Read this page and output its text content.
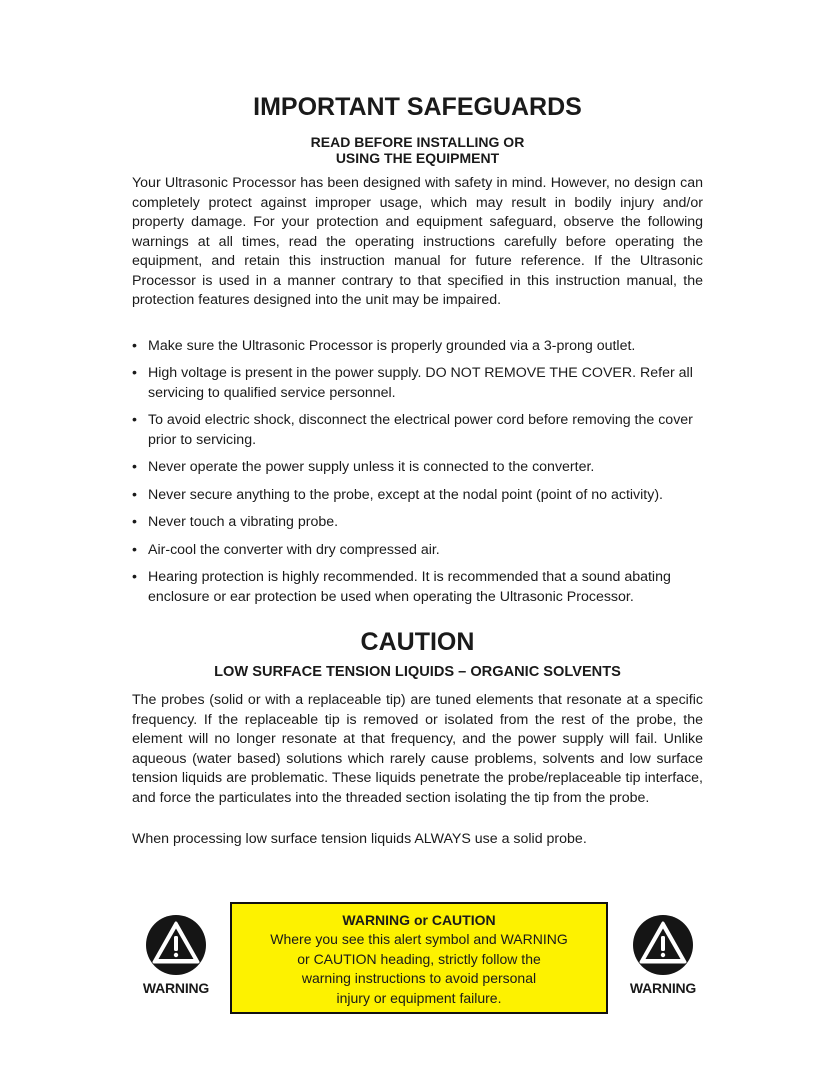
IMPORTANT SAFEGUARDS
READ BEFORE INSTALLING OR
USING THE EQUIPMENT

Your Ultrasonic Processor has been designed with safety in mind. However, no design can completely protect against improper usage, which may result in bodily injury and/or property damage. For your protection and equipment safeguard, observe the following warnings at all times, read the operating instructions carefully before operating the equipment, and retain this instruction manual for future reference. If the Ultrasonic Processor is used in a manner contrary to that specified in this instruction manual, the protection features designed into the unit may be impaired.

• Make sure the Ultrasonic Processor is properly grounded via a 3-prong outlet.
• High voltage is present in the power supply. DO NOT REMOVE THE COVER. Refer all servicing to qualified service personnel.
• To avoid electric shock, disconnect the electrical power cord before removing the cover prior to servicing.
• Never operate the power supply unless it is connected to the converter.
• Never secure anything to the probe, except at the nodal point (point of no activity).
• Never touch a vibrating probe.
• Air-cool the converter with dry compressed air.
• Hearing protection is highly recommended. It is recommended that a sound abating enclosure or ear protection be used when operating the Ultrasonic Processor.
CAUTION
LOW SURFACE TENSION LIQUIDS – ORGANIC SOLVENTS

The probes (solid or with a replaceable tip) are tuned elements that resonate at a specific frequency. If the replaceable tip is removed or isolated from the rest of the probe, the element will no longer resonate at that frequency, and the power supply will fail. Unlike aqueous (water based) solutions which rarely cause problems, solvents and low surface tension liquids are problematic. These liquids penetrate the probe/replaceable tip interface, and force the particulates into the threaded section isolating the tip from the probe.

When processing low surface tension liquids ALWAYS use a solid probe.

WARNING
WARNING or CAUTION
Where you see this alert symbol and WARNING
or CAUTION heading, strictly follow the
warning instructions to avoid personal
injury or equipment failure.
WARNING
